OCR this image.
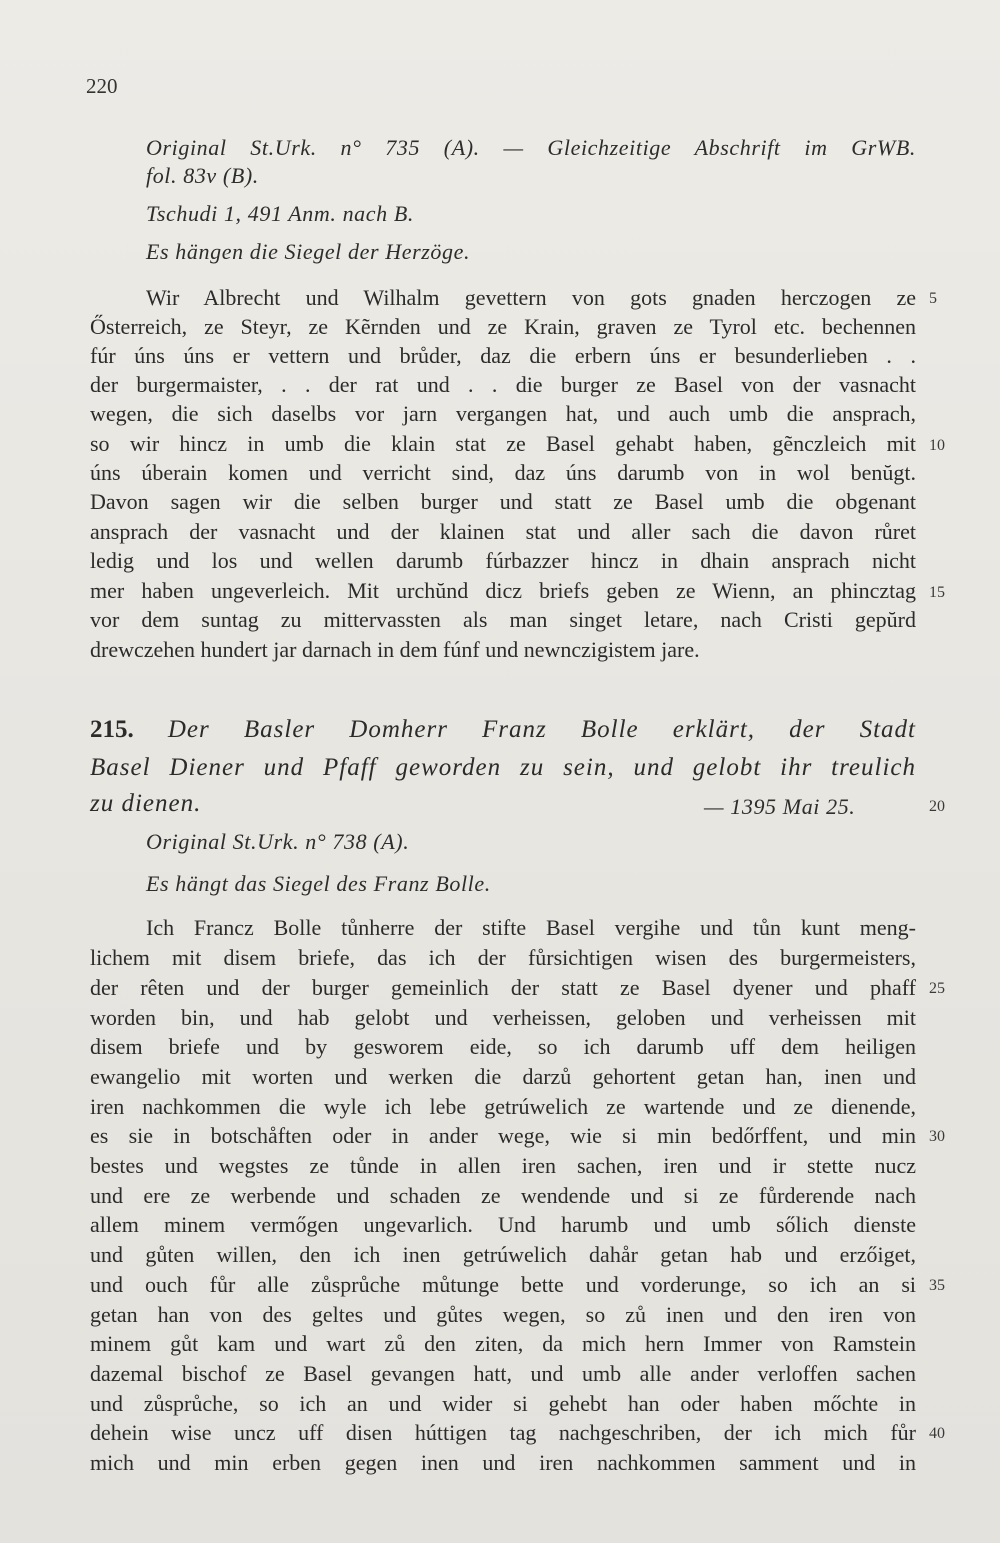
220
Original St.Urk. n° 735 (A). — Gleichzeitige Abschrift im GrWB.
fol. 83v (B).
Tschudi 1, 491 Anm. nach B.
Es hängen die Siegel der Herzöge.
Wir Albrecht und Wilhalm gevettern von gots gnaden herczogen ze
Ősterreich, ze Steyr, ze Kẽrnden und ze Krain, graven ze Tyrol etc. bechennen
fúr úns úns er vettern und brůder, daz die erbern úns er besunderlieben . .
der burgermaister, . . der rat und . . die burger ze Basel von der vasnacht
wegen, die sich daselbs vor jarn vergangen hat, und auch umb die ansprach,
so wir hincz in umb die klain stat ze Basel gehabt haben, gẽnczleich mit
úns úberain komen und verricht sind, daz úns darumb von in wol benŭgt.
Davon sagen wir die selben burger und statt ze Basel umb die obgenant
ansprach der vasnacht und der klainen stat und aller sach die davon růret
ledig und los und wellen darumb fúrbazzer hincz in dhain ansprach nicht
mer haben ungeverleich. Mit urchŭnd dicz briefs geben ze Wienn, an phincztag
vor dem suntag zu mittervassten als man singet letare, nach Cristi gepŭrd
drewczehen hundert jar darnach in dem fúnf und newnczigistem jare.
215. Der Basler Domherr Franz Bolle erklärt, der Stadt
Basel Diener und Pfaff geworden zu sein, und gelobt ihr treulich
zu dienen.	— 1395 Mai 25.
Original St.Urk. n° 738 (A).
Es hängt das Siegel des Franz Bolle.
Ich Francz Bolle tůnherre der stifte Basel vergihe und tůn kunt meng-
lichem mit disem briefe, das ich der fůrsichtigen wisen des burgermeisters,
der rêten und der burger gemeinlich der statt ze Basel dyener und phaff
worden bin, und hab gelobt und verheissen, geloben und verheissen mit
disem briefe und by gesworem eide, so ich darumb uff dem heiligen
ewangelio mit worten und werken die darzů gehortent getan han, inen und
iren nachkommen die wyle ich lebe getrúwelich ze wartende und ze dienende,
es sie in botschåften oder in ander wege, wie si min bedőrffent, und min
bestes und wegstes ze tůnde in allen iren sachen, iren und ir stette nucz
und ere ze werbende und schaden ze wendende und si ze fůrderende nach
allem minem vermőgen ungevarlich. Und harumb und umb sőlich dienste
und gůten willen, den ich inen getrúwelich dahår getan hab und erzőiget,
und ouch fůr alle zůsprůche můtunge bette und vorderunge, so ich an si
getan han von des geltes und gůtes wegen, so zů inen und den iren von
minem gůt kam und wart zů den ziten, da mich hern Immer von Ramstein
dazemal bischof ze Basel gevangen hatt, und umb alle ander verloffen sachen
und zůsprůche, so ich an und wider si gehebt han oder haben mőchte in
dehein wise uncz uff disen húttigen tag nachgeschriben, der ich mich fůr
mich und min erben gegen inen und iren nachkommen samment und in
5
10
15
20
25
30
35
40
